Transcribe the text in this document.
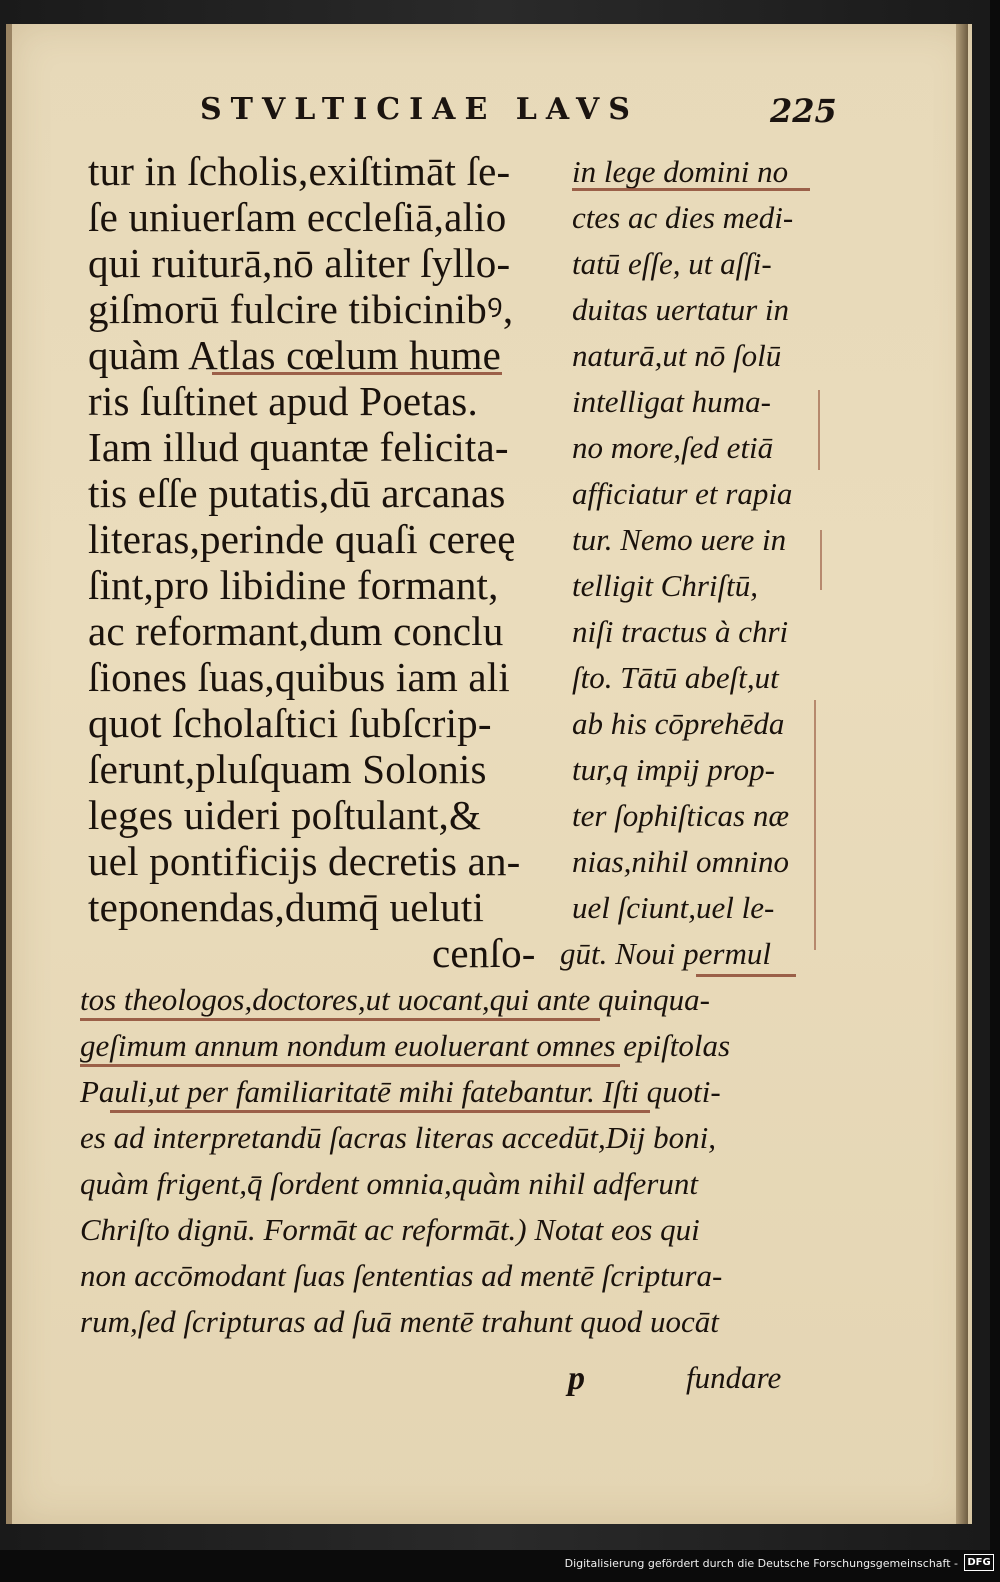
STVLTICIAE LAVS	225
tur in ſcholis,exiſtimāt ſe-
ſe uniuerſam eccleſiā,alio
qui ruiturā,nō aliter ſyllo-
giſmorū fulcire tibicinibꝰ,
quàm Atlas cœlum hume
ris ſuſtinet apud Poetas.
Iam illud quantæ felicita-
tis eſſe putatis,dū arcanas
literas,perinde quaſi cereę
ſint,pro libidine formant,
ac reformant,dum conclu
ſiones ſuas,quibus iam ali
quot ſcholaſtici ſubſcrip-
ſerunt,pluſquam Solonis
leges uideri poſtulant,&
uel pontificiјs decretis an-
teponendas,dumq̄ ueluti
cenſo-
in lege domini no
ctes ac dies medi-
tatū eſſe, ut aſſi-
duitas uertatur in
naturā,ut nō ſolū
intelligat huma-
no more,ſed etiā
afficiatur et rapia
tur. Nemo uere in
telligit Chriſtū,
niſi tractus à chri
ſto. Tātū abeſt,ut
ab his cōprehēda
tur,q impij prop-
ter ſophiſticas næ
nias,nihil omnino
uel ſciunt,uel le-
gūt. Noui permul
tos theologos,doctores,ut uocant,qui ante quinqua-
geſimum annum nondum euoluerant omnes epiſtolas
Pauli,ut per familiaritatē mihi fatebantur. Iſti quoti-
es ad interpretandū ſacras literas accedūt,Dij boni,
quàm frigent,q̄ ſordent omnia,quàm nihil adferunt
Chriſto dignū. Formāt ac reformāt.) Notat eos qui
non accōmodant ſuas ſententias ad mentē ſcriptura-
rum,ſed ſcripturas ad ſuā mentē trahunt quod uocāt
p	fundare
Digitalisierung gefördert durch die Deutsche Forschungsgemeinschaft - DFG
